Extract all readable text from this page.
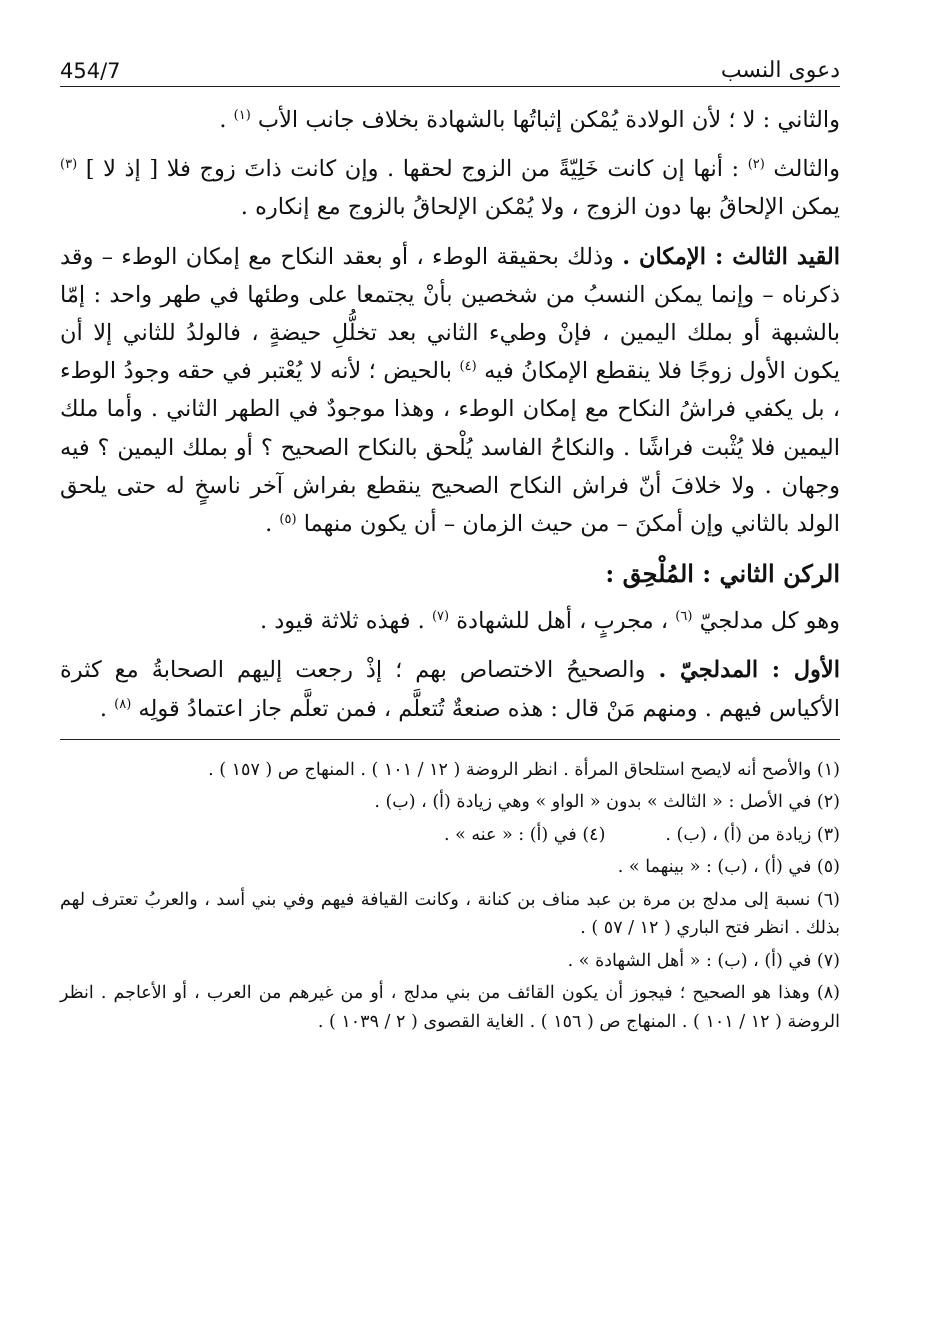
454/7	دعوى النسب

والثاني : لا ؛ لأن الولادة يُمْكن إثباتُها بالشهادة بخلاف جانب الأب $^{(١)}$ .

والثالث $^{(٢)}$ : أنها إن كانت خَلِيّةً من الزوج لحقها . وإن كانت ذاتَ زوج فلا [ إذ لا ] $^{(٣)}$ يمكن الإلحاقُ بها دون الزوج ، ولا يُمْكن الإلحاقُ بالزوج مع إنكاره .

القيد الثالث : الإمكان . وذلك بحقيقة الوطء ، أو بعقد النكاح مع إمكان الوطء – وقد ذكرناه – وإنما يمكن النسبُ من شخصين بأنْ يجتمعا على وطئها في طهر واحد : إمّا بالشبهة أو بملك اليمين ، فإنْ وطيء الثاني بعد تخلُّلِ حيضةٍ ، فالولدُ للثاني إلا أن يكون الأول زوجًا فلا ينقطع الإمكانُ فيه $^{(٤)}$ بالحيض ؛ لأنه لا يُعْتبر في حقه وجودُ الوطء ، بل يكفي فراشُ النكاح مع إمكان الوطء ، وهذا موجودٌ في الطهر الثاني . وأما ملك اليمين فلا يُثْبت فراشًا . والنكاحُ الفاسد يُلْحق بالنكاح الصحيح ؟ أو بملك اليمين ؟ فيه وجهان . ولا خلافَ أنّ فراش النكاح الصحيح ينقطع بفراش آخر ناسخٍ له حتى يلحق الولد بالثاني وإن أمكنَ – من حيث الزمان – أن يكون منهما $^{(٥)}$ .

الركن الثاني : المُلْحِق :

وهو كل مدلجيّ $^{(٦)}$ ، مجربٍ ، أهل للشهادة $^{(٧)}$ . فهذه ثلاثة قيود .

الأول : المدلجيّ . والصحيحُ الاختصاص بهم ؛ إذْ رجعت إليهم الصحابةُ مع كثرة الأكياس فيهم . ومنهم مَنْ قال : هذه صنعةٌ تُتعلَّم ، فمن تعلَّم جاز اعتمادُ قولِه $^{(٨)}$ .

(١) والأصح أنه لايصح استلحاق المرأة . انظر الروضة ( ١٢ / ١٠١ ) . المنهاج ص ( ١٥٧ ) .

(٢) في الأصل : « الثالث » بدون « الواو » وهي زيادة (أ) ، (ب) .

(٣) زيادة من (أ) ، (ب) .
(٤) في (أ) : « عنه » .

(٥) في (أ) ، (ب) : « بينهما » .

(٦) نسبة إلى مدلج بن مرة بن عبد مناف بن كنانة ، وكانت القيافة فيهم وفي بني أسد ، والعربُ تعترف لهم بذلك . انظر فتح الباري ( ١٢ / ٥٧ ) .

(٧) في (أ) ، (ب) : « أهل الشهادة » .

(٨) وهذا هو الصحيح ؛ فيجوز أن يكون القائف من بني مدلج ، أو من غيرهم من العرب ، أو الأعاجم . انظر الروضة ( ١٢ / ١٠١ ) . المنهاج ص ( ١٥٦ ) . الغاية القصوى ( ٢ / ١٠٣٩ ) .
